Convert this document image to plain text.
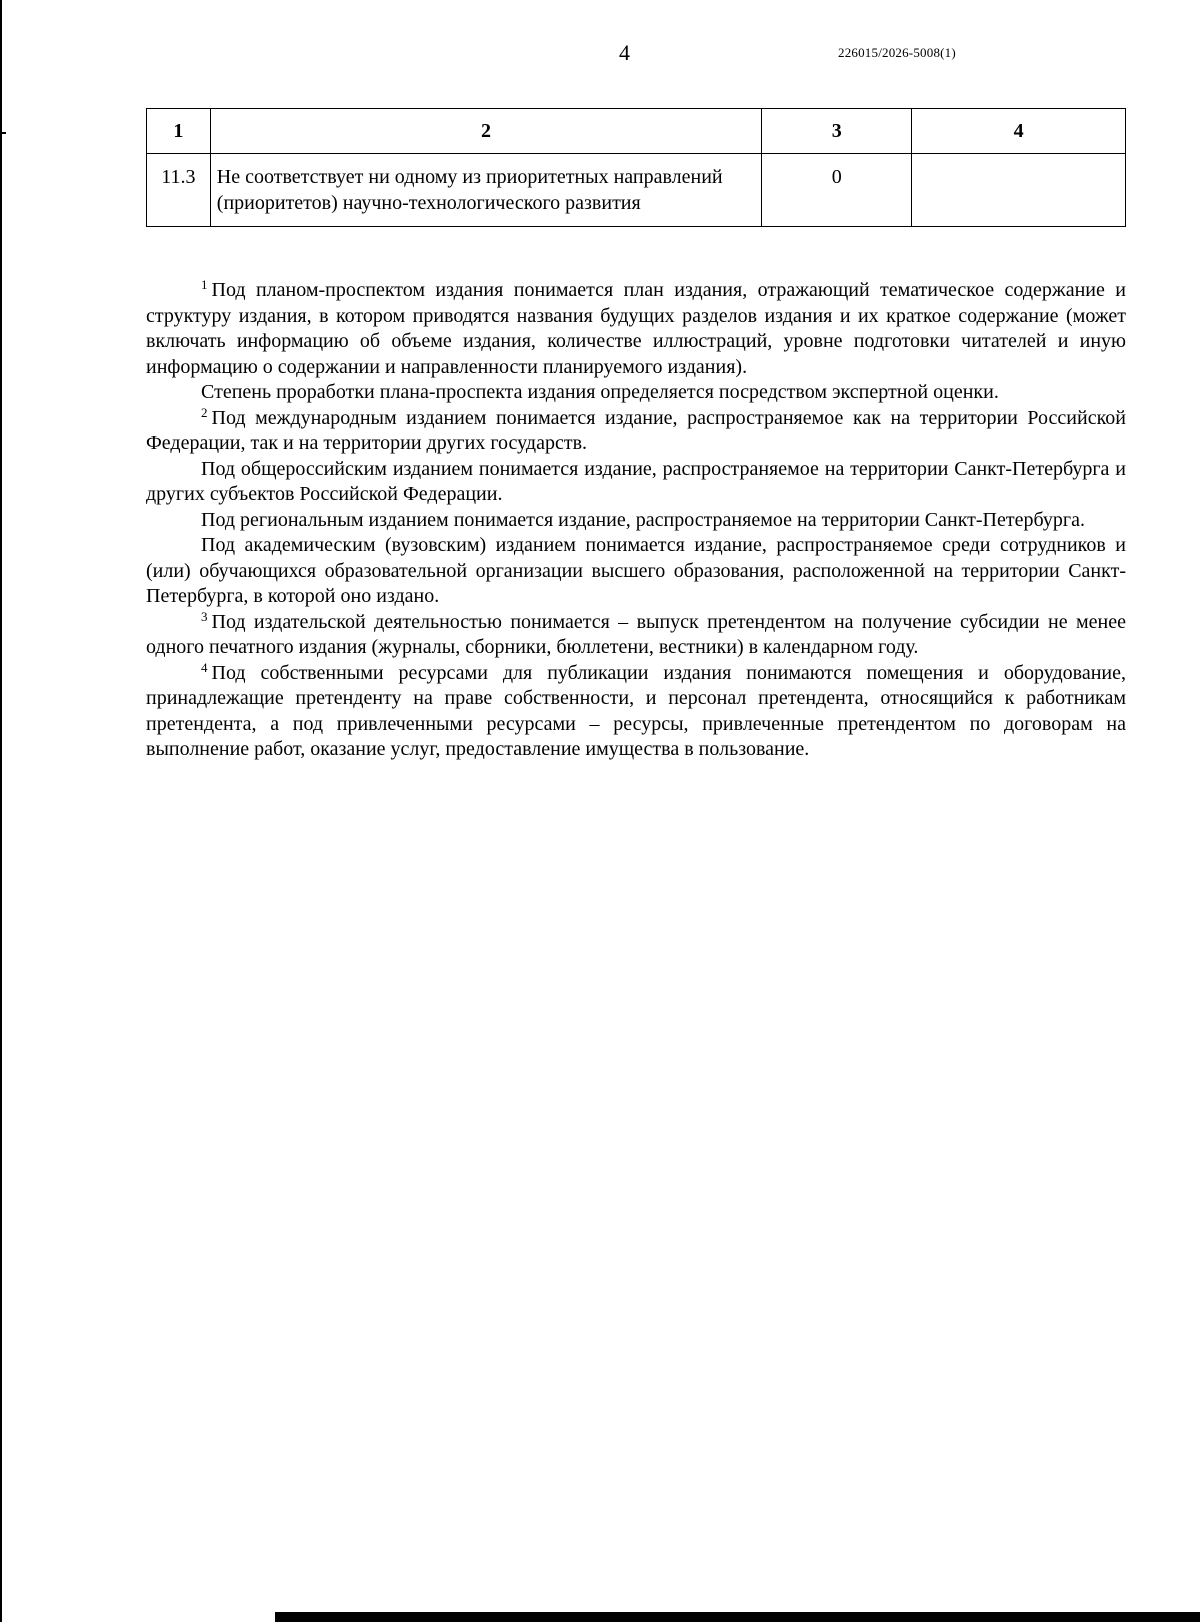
4	226015/2026-5008(1)
1	2	3	4
11.3	Не соответствует ни одному из приоритетных направлений (приоритетов) научно-технологического развития	0	

$^1$ Под планом-проспектом издания понимается план издания, отражающий тематическое содержание и структуру издания, в котором приводятся названия будущих разделов издания и их краткое содержание (может включать информацию об объеме издания, количестве иллюстраций, уровне подготовки читателей и иную информацию о содержании и направленности планируемого издания).

Степень проработки плана-проспекта издания определяется посредством экспертной оценки.

$^2$ Под международным изданием понимается издание, распространяемое как на территории Российской Федерации, так и на территории других государств.

Под общероссийским изданием понимается издание, распространяемое на территории Санкт-Петербурга и других субъектов Российской Федерации.

Под региональным изданием понимается издание, распространяемое на территории Санкт-Петербурга.

Под академическим (вузовским) изданием понимается издание, распространяемое среди сотрудников и (или) обучающихся образовательной организации высшего образования, расположенной на территории Санкт-Петербурга, в которой оно издано.

$^3$ Под издательской деятельностью понимается – выпуск претендентом на получение субсидии не менее одного печатного издания (журналы, сборники, бюллетени, вестники) в календарном году.

$^4$ Под собственными ресурсами для публикации издания понимаются помещения и оборудование, принадлежащие претенденту на праве собственности, и персонал претендента, относящийся к работникам претендента, а под привлеченными ресурсами – ресурсы, привлеченные претендентом по договорам на выполнение работ, оказание услуг, предоставление имущества в пользование.
